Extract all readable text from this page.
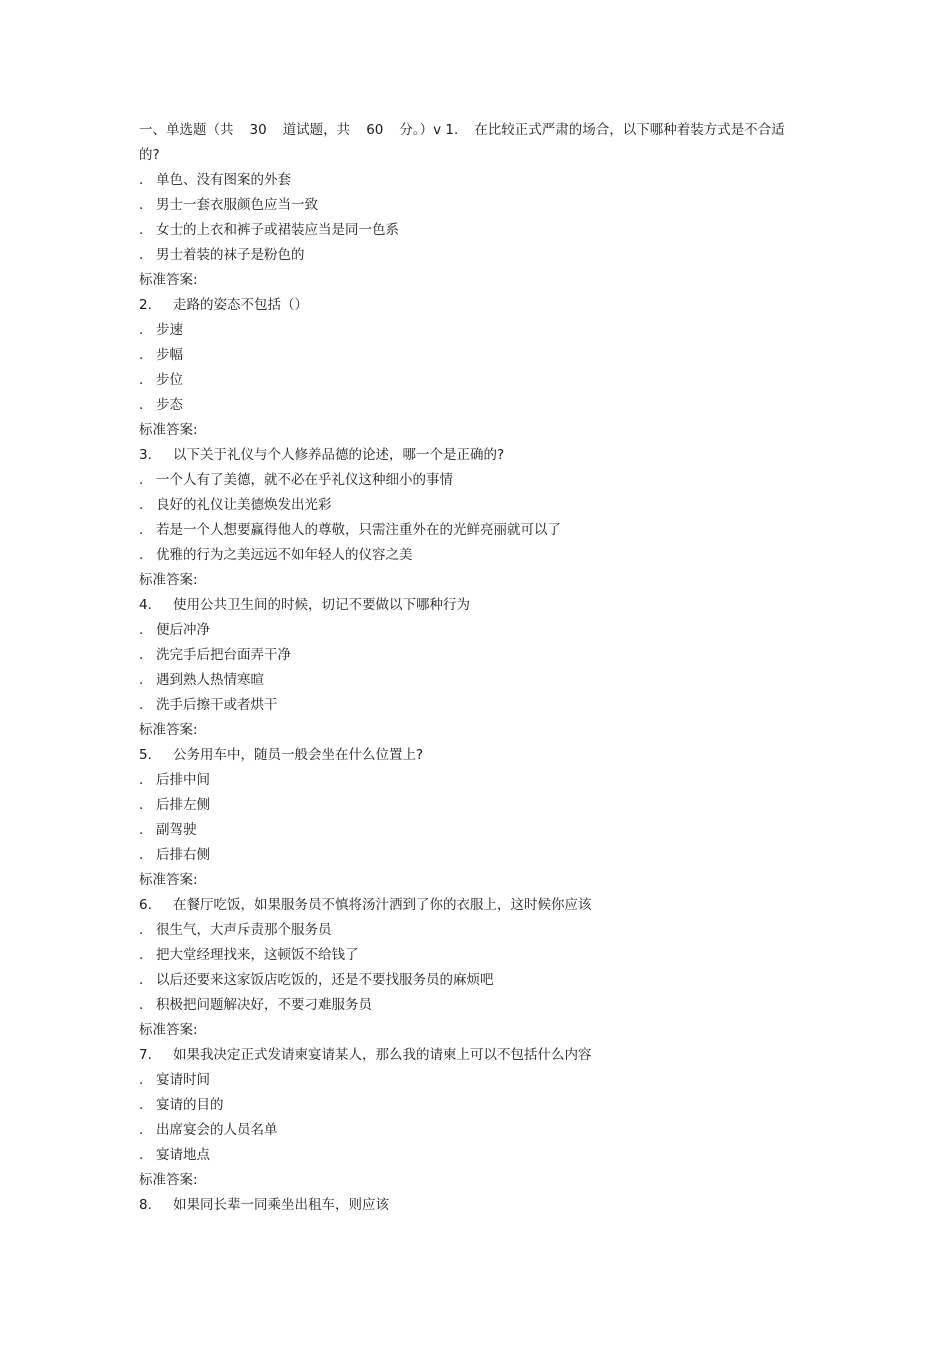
一、单选题（共 30 道试题，共 60 分。）v 1. 在比较正式严肃的场合，以下哪种着装方式是不合适的?
. 单色、没有图案的外套
. 男士一套衣服颜色应当一致
. 女士的上衣和裤子或裙装应当是同一色系
. 男士着装的袜子是粉色的
标准答案:
2. 走路的姿态不包括（）
. 步速
. 步幅
. 步位
. 步态
标准答案:
3. 以下关于礼仪与个人修养品德的论述，哪一个是正确的?
. 一个人有了美德，就不必在乎礼仪这种细小的事情
. 良好的礼仪让美德焕发出光彩
. 若是一个人想要赢得他人的尊敬，只需注重外在的光鲜亮丽就可以了
. 优雅的行为之美远远不如年轻人的仪容之美
标准答案:
4. 使用公共卫生间的时候，切记不要做以下哪种行为
. 便后冲净
. 洗完手后把台面弄干净
. 遇到熟人热情寒暄
. 洗手后擦干或者烘干
标准答案:
5. 公务用车中，随员一般会坐在什么位置上?
. 后排中间
. 后排左侧
. 副驾驶
. 后排右侧
标准答案:
6. 在餐厅吃饭，如果服务员不慎将汤汁洒到了你的衣服上，这时候你应该
. 很生气，大声斥责那个服务员
. 把大堂经理找来，这顿饭不给钱了
. 以后还要来这家饭店吃饭的，还是不要找服务员的麻烦吧
. 积极把问题解决好，不要刁难服务员
标准答案:
7. 如果我决定正式发请柬宴请某人，那么我的请柬上可以不包括什么内容
. 宴请时间
. 宴请的目的
. 出席宴会的人员名单
. 宴请地点
标准答案:
8. 如果同长辈一同乘坐出租车，则应该
